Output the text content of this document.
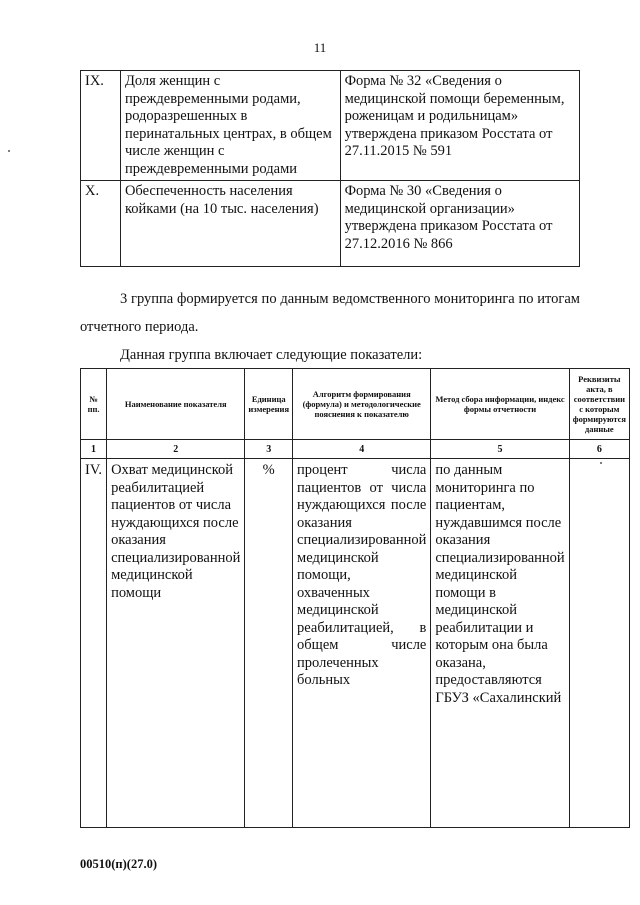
11
IX.	Доля женщин с преждевременными родами, родоразрешенных в перинатальных центрах, в общем числе женщин с преждевременными родами	Форма № 32 «Сведения о медицинской помощи беременным, роженицам и родильницам» утверждена приказом Росстата от 27.11.2015 № 591
X.	Обеспеченность населения койками (на 10 тыс. населения)	Форма № 30 «Сведения о медицинской организации» утверждена приказом Росстата от 27.12.2016 № 866
3 группа формируется по данным ведомственного мониторинга по итогам отчетного периода.
Данная группа включает следующие показатели:
№ пп.	Наименование показателя	Единица измерения	Алгоритм формирования (формула) и методологические пояснения к показателю	Метод сбора информации, индекс формы отчетности	Реквизиты акта, в соответствии с которым формируются данные
1	2	3	4	5	6
IV.	Охват медицинской реабилитацией пациентов от числа нуждающихся после оказания специализированной медицинской помощи	%	процент числа пациентов от числа нуждающихся после оказания специализированной медицинской помощи, охваченных медицинской реабилитацией, в общем числе пролеченных больных	по данным мониторинга по пациентам, нуждавшимся после оказания специализированной медицинской помощи в медицинской реабилитации и которым она была оказана, предоставляются ГБУЗ «Сахалинский	
00510(п)(27.0)
